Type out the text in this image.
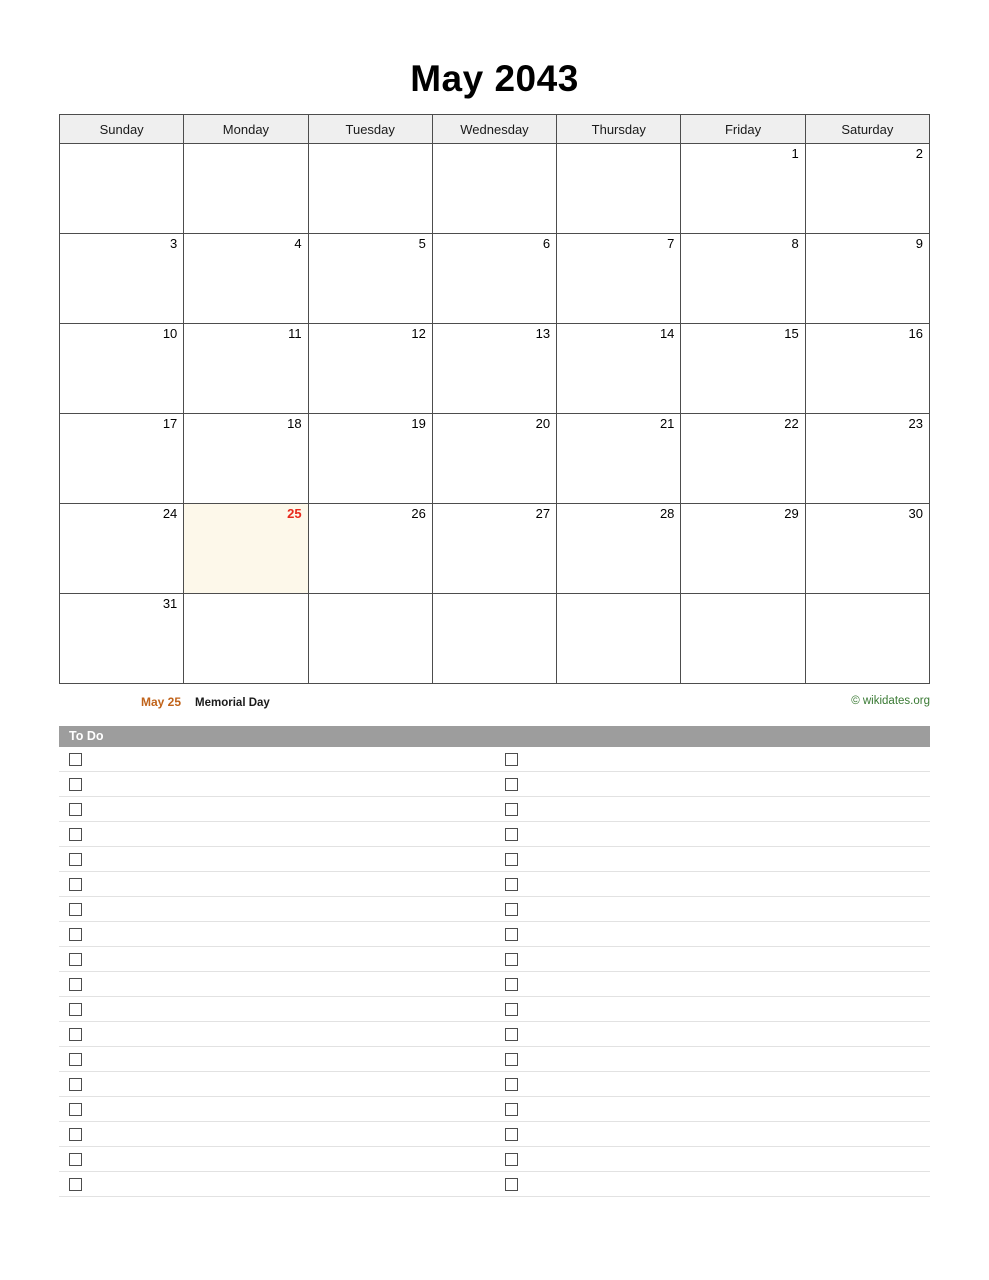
May 2043
Sunday	Monday	Tuesday	Wednesday	Thursday	Friday	Saturday

					1	2

3	4	5	6	7	8	9

10	11	12	13	14	15	16

17	18	19	20	21	22	23

24	25	26	27	28	29	30

31						

May 25 Memorial Day	© wikidates.org
To Do
